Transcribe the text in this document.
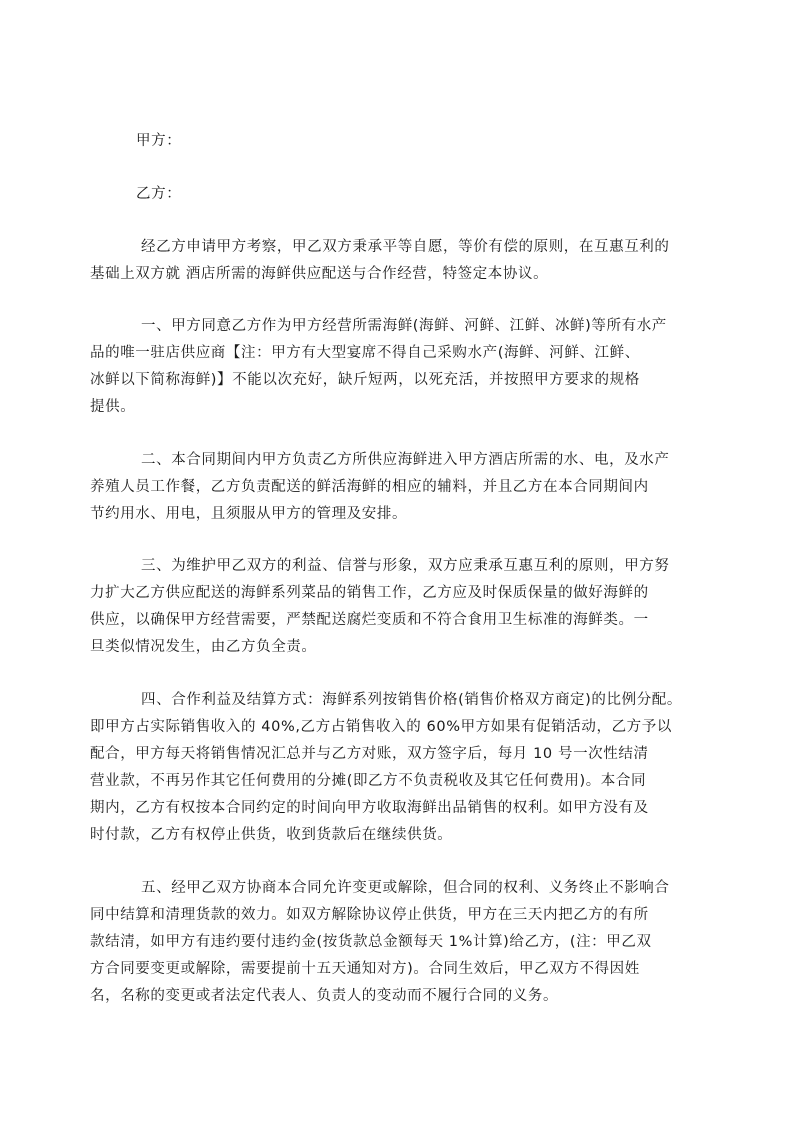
甲方：
乙方：
经乙方申请甲方考察，甲乙双方秉承平等自愿，等价有偿的原则，在互惠互利的
基础上双方就 酒店所需的海鲜供应配送与合作经营，特签定本协议。
一、甲方同意乙方作为甲方经营所需海鲜(海鲜、河鲜、江鲜、冰鲜)等所有水产
品的唯一驻店供应商【注：甲方有大型宴席不得自己采购水产(海鲜、河鲜、江鲜、
冰鲜以下简称海鲜)】不能以次充好，缺斤短两，以死充活，并按照甲方要求的规格
提供。
二、本合同期间内甲方负责乙方所供应海鲜进入甲方酒店所需的水、电，及水产
养殖人员工作餐，乙方负责配送的鲜活海鲜的相应的辅料，并且乙方在本合同期间内
节约用水、用电，且须服从甲方的管理及安排。
三、为维护甲乙双方的利益、信誉与形象，双方应秉承互惠互利的原则，甲方努
力扩大乙方供应配送的海鲜系列菜品的销售工作，乙方应及时保质保量的做好海鲜的
供应，以确保甲方经营需要，严禁配送腐烂变质和不符合食用卫生标准的海鲜类。一
旦类似情况发生，由乙方负全责。
四、合作利益及结算方式：海鲜系列按销售价格(销售价格双方商定)的比例分配。
即甲方占实际销售收入的 40%,乙方占销售收入的 60%甲方如果有促销活动，乙方予以
配合，甲方每天将销售情况汇总并与乙方对账，双方签字后，每月 10 号一次性结清
营业款，不再另作其它任何费用的分摊(即乙方不负责税收及其它任何费用)。本合同
期内，乙方有权按本合同约定的时间向甲方收取海鲜出品销售的权利。如甲方没有及
时付款，乙方有权停止供货，收到货款后在继续供货。
五、经甲乙双方协商本合同允许变更或解除，但合同的权利、义务终止不影响合
同中结算和清理货款的效力。如双方解除协议停止供货，甲方在三天内把乙方的有所
款结清，如甲方有违约要付违约金(按货款总金额每天 1%计算)给乙方，(注：甲乙双
方合同要变更或解除，需要提前十五天通知对方)。合同生效后，甲乙双方不得因姓
名，名称的变更或者法定代表人、负责人的变动而不履行合同的义务。
